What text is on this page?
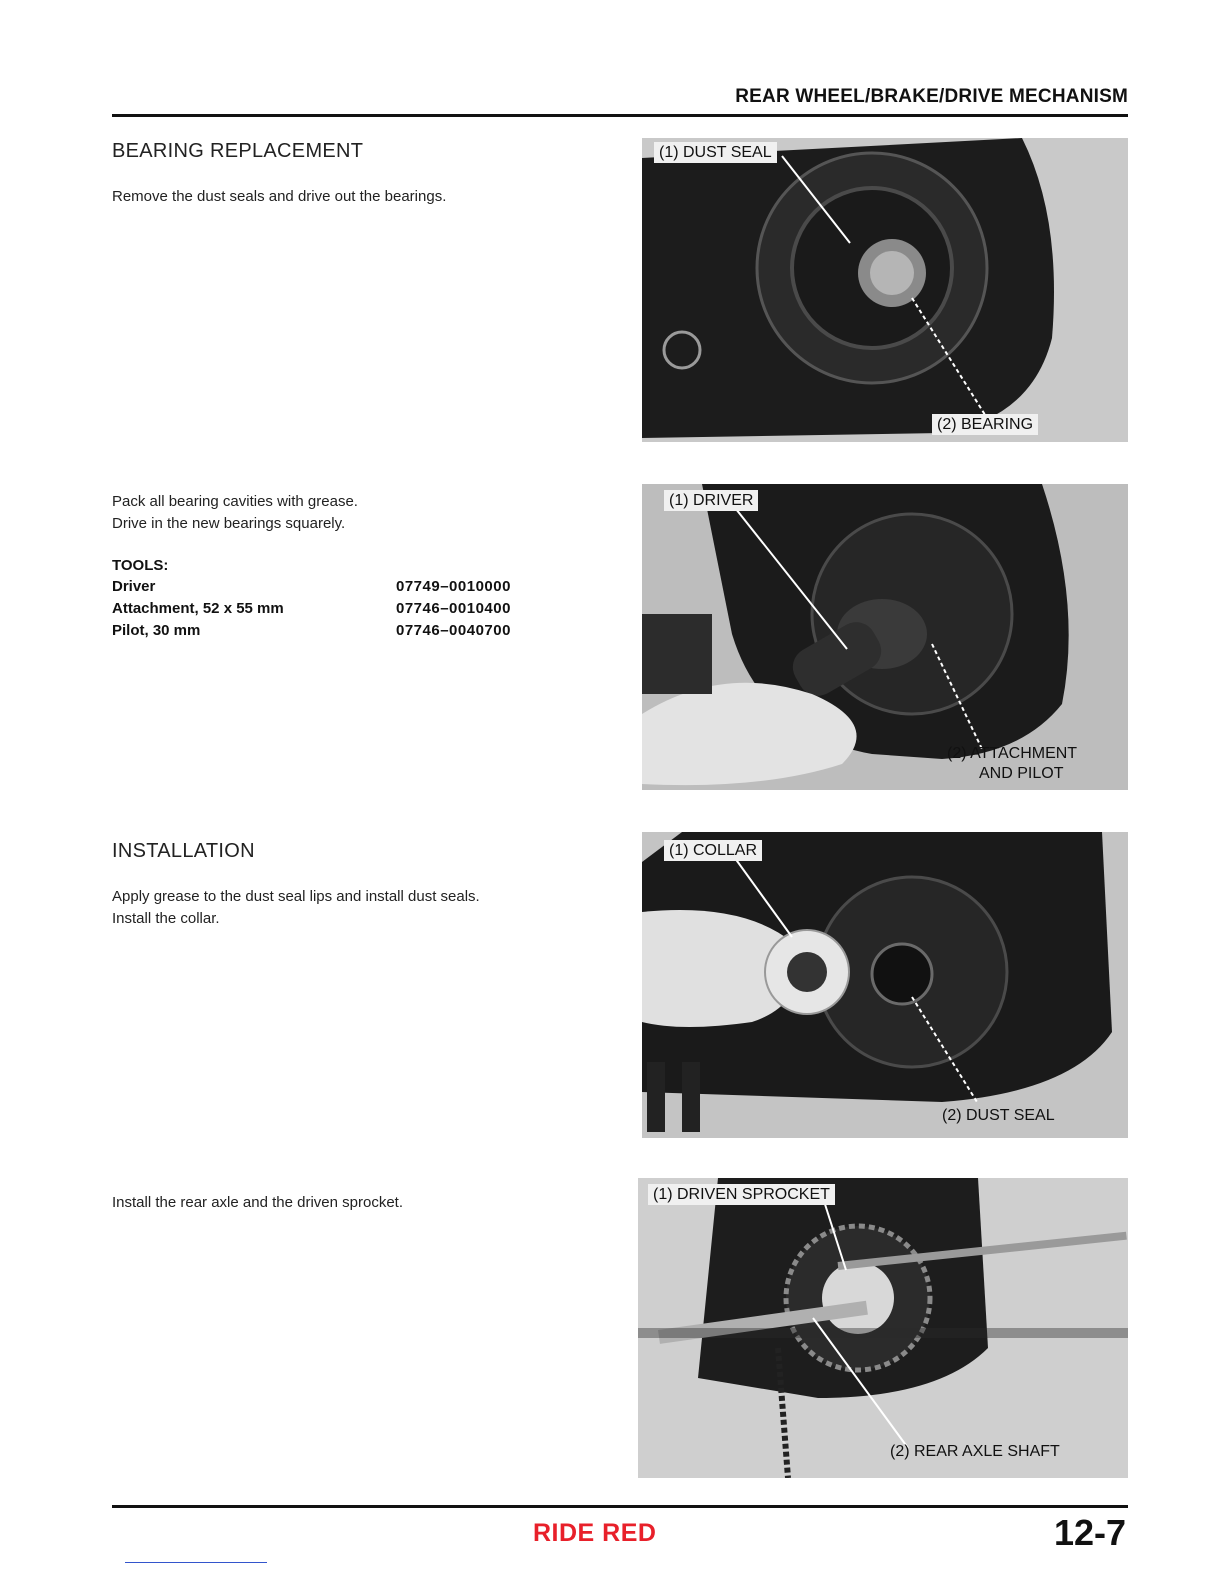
REAR WHEEL/BRAKE/DRIVE MECHANISM
BEARING REPLACEMENT

Remove the dust seals and drive out the bearings.

Pack all bearing cavities with grease.

Drive in the new bearings squarely.

TOOLS:
Driver	07749–0010000
Attachment, 52 x 55 mm	07746–0010400
Pilot, 30 mm	07746–0040700
INSTALLATION

Apply grease to the dust seal lips and install dust seals.

Install the collar.

Install the rear axle and the driven sprocket.

(1) DUST SEAL
(2) BEARING
(1) DRIVER
(2) ATTACHMENT
AND PILOT
(1) COLLAR
(2) DUST SEAL
(1) DRIVEN SPROCKET
(2) REAR AXLE SHAFT
RIDE RED	12-7
